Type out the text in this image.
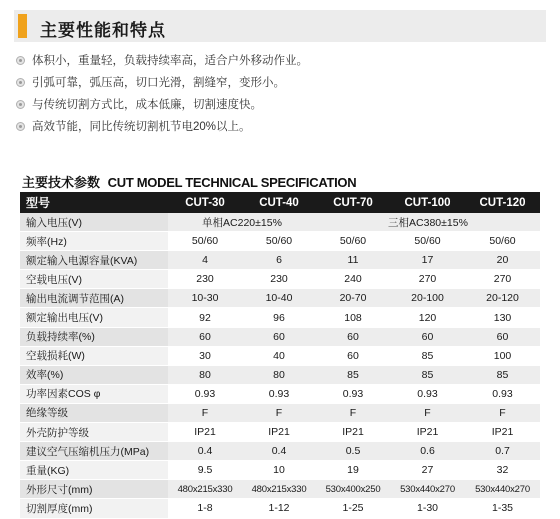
主要性能和特点
体积小，重量轻，负载持续率高，适合户外移动作业。
引弧可靠，弧压高，切口光滑，割缝窄，变形小。
与传统切割方式比，成本低廉，切割速度快。
高效节能，同比传统切割机节电20%以上。
主要技术参数 CUT MODEL TECHNICAL SPECIFICATION
型号	CUT-30	CUT-40	CUT-70	CUT-100	CUT-120
输入电压(V)	单相AC220±15%		三相AC380±15%		
频率(Hz)	50/60	50/60	50/60	50/60	50/60
额定输入电源容量(KVA)	4	6	11	17	20
空载电压(V)	230	230	240	270	270
输出电流调节范围(A)	10-30	10-40	20-70	20-100	20-120
额定输出电压(V)	92	96	108	120	130
负载持续率(%)	60	60	60	60	60
空载损耗(W)	30	40	60	85	100
效率(%)	80	80	85	85	85
功率因素COS φ	0.93	0.93	0.93	0.93	0.93
绝缘等级	F	F	F	F	F
外壳防护等级	IP21	IP21	IP21	IP21	IP21
建议空气压缩机压力(MPa)	0.4	0.4	0.5	0.6	0.7
重量(KG)	9.5	10	19	27	32
外形尺寸(mm)	480x215x330	480x215x330	530x400x250	530x440x270	530x440x270
切割厚度(mm)	1-8	1-12	1-25	1-30	1-35
